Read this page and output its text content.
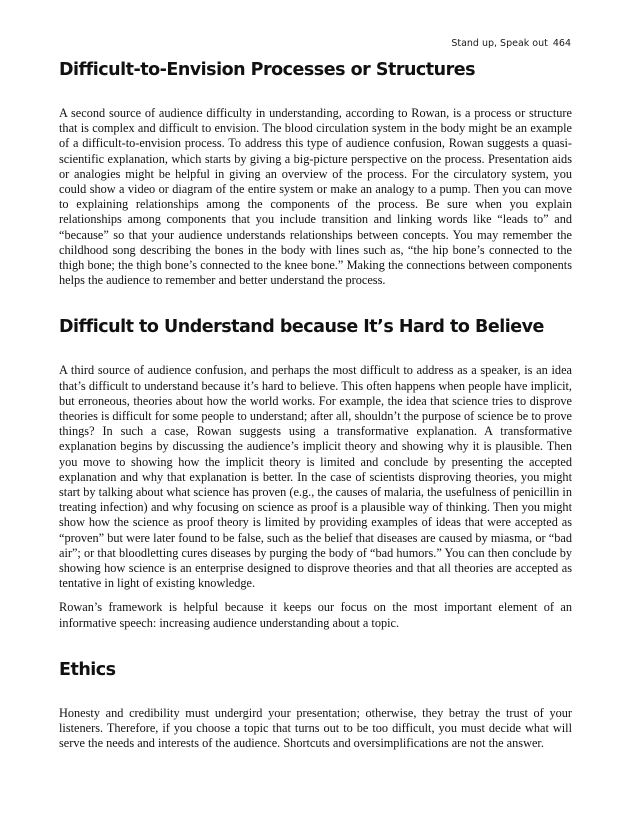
Stand up, Speak out 464
Difficult-to-Envision Processes or Structures

A second source of audience difficulty in understanding, according to Rowan, is a process or structure that is complex and difficult to envision. The blood circulation system in the body might be an example of a difficult-to-envision process. To address this type of audience confusion, Rowan suggests a quasi-scientific explanation, which starts by giving a big-picture perspective on the process. Presentation aids or analogies might be helpful in giving an overview of the process. For the circulatory system, you could show a video or diagram of the entire system or make an analogy to a pump. Then you can move to explaining relationships among the components of the process. Be sure when you explain relationships among components that you include transition and linking words like “leads to” and “because” so that your audience understands relationships between concepts. You may remember the childhood song describing the bones in the body with lines such as, “the hip bone’s connected to the thigh bone; the thigh bone’s connected to the knee bone.” Making the connections between components helps the audience to remember and better understand the process.

Difficult to Understand because It’s Hard to Believe

A third source of audience confusion, and perhaps the most difficult to address as a speaker, is an idea that’s difficult to understand because it’s hard to believe. This often happens when people have implicit, but erroneous, theories about how the world works. For example, the idea that science tries to disprove theories is difficult for some people to understand; after all, shouldn’t the purpose of science be to prove things? In such a case, Rowan suggests using a transformative explanation. A transformative explanation begins by discussing the audience’s implicit theory and showing why it is plausible. Then you move to showing how the implicit theory is limited and conclude by presenting the accepted explanation and why that explanation is better. In the case of scientists disproving theories, you might start by talking about what science has proven (e.g., the causes of malaria, the usefulness of penicillin in treating infection) and why focusing on science as proof is a plausible way of thinking. Then you might show how the science as proof theory is limited by providing examples of ideas that were accepted as “proven” but were later found to be false, such as the belief that diseases are caused by miasma, or “bad air”; or that bloodletting cures diseases by purging the body of “bad humors.” You can then conclude by showing how science is an enterprise designed to disprove theories and that all theories are accepted as tentative in light of existing knowledge.

Rowan’s framework is helpful because it keeps our focus on the most important element of an informative speech: increasing audience understanding about a topic.

Ethics

Honesty and credibility must undergird your presentation; otherwise, they betray the trust of your listeners. Therefore, if you choose a topic that turns out to be too difficult, you must decide what will serve the needs and interests of the audience. Shortcuts and oversimplifications are not the answer.
